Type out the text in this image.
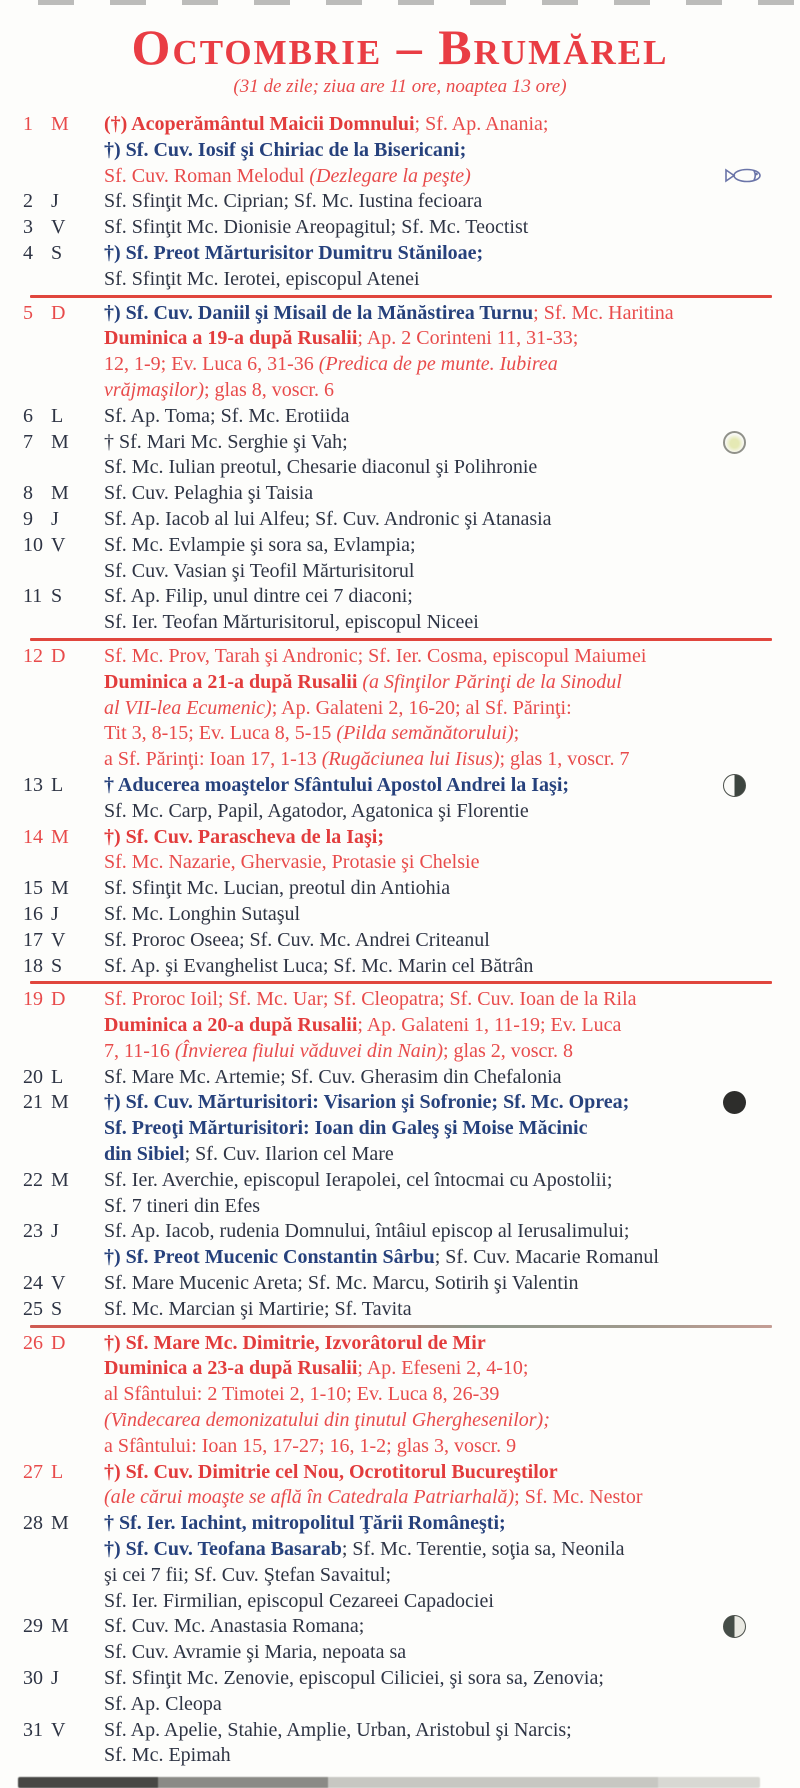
Octombrie – Brumărel
(31 de zile; ziua are 11 ore, noaptea 13 ore)
1 M	(†) Acoperământul Maicii Domnului; Sf. Ap. Anania;
†) Sf. Cuv. Iosif şi Chiriac de la Bisericani;
Sf. Cuv. Roman Melodul (Dezlegare la peşte)
2 J	Sf. Sfinţit Mc. Ciprian; Sf. Mc. Iustina fecioara
3 V	Sf. Sfinţit Mc. Dionisie Areopagitul; Sf. Mc. Teoctist
4 S	†) Sf. Preot Mărturisitor Dumitru Stăniloae;
Sf. Sfinţit Mc. Ierotei, episcopul Atenei
5 D	†) Sf. Cuv. Daniil şi Misail de la Mănăstirea Turnu; Sf. Mc. Haritina
Duminica a 19-a după Rusalii; Ap. 2 Corinteni 11, 31-33;
12, 1-9; Ev. Luca 6, 31-36 (Predica de pe munte. Iubirea
vrăjmaşilor); glas 8, voscr. 6
6 L	Sf. Ap. Toma; Sf. Mc. Erotiida
7 M	† Sf. Mari Mc. Serghie şi Vah;
Sf. Mc. Iulian preotul, Chesarie diaconul şi Polihronie
8 M	Sf. Cuv. Pelaghia şi Taisia
9 J	Sf. Ap. Iacob al lui Alfeu; Sf. Cuv. Andronic şi Atanasia
10 V	Sf. Mc. Evlampie şi sora sa, Evlampia;
Sf. Cuv. Vasian şi Teofil Mărturisitorul
11 S	Sf. Ap. Filip, unul dintre cei 7 diaconi;
Sf. Ier. Teofan Mărturisitorul, episcopul Niceei
12 D	Sf. Mc. Prov, Tarah şi Andronic; Sf. Ier. Cosma, episcopul Maiumei
Duminica a 21-a după Rusalii (a Sfinţilor Părinţi de la Sinodul
al VII-lea Ecumenic); Ap. Galateni 2, 16-20; al Sf. Părinţi:
Tit 3, 8-15; Ev. Luca 8, 5-15 (Pilda semănătorului);
a Sf. Părinţi: Ioan 17, 1-13 (Rugăciunea lui Iisus); glas 1, voscr. 7
13 L	† Aducerea moaştelor Sfântului Apostol Andrei la Iaşi;
Sf. Mc. Carp, Papil, Agatodor, Agatonica şi Florentie
14 M	†) Sf. Cuv. Parascheva de la Iaşi;
Sf. Mc. Nazarie, Ghervasie, Protasie şi Chelsie
15 M	Sf. Sfinţit Mc. Lucian, preotul din Antiohia
16 J	Sf. Mc. Longhin Sutaşul
17 V	Sf. Proroc Oseea; Sf. Cuv. Mc. Andrei Criteanul
18 S	Sf. Ap. şi Evanghelist Luca; Sf. Mc. Marin cel Bătrân
19 D	Sf. Proroc Ioil; Sf. Mc. Uar; Sf. Cleopatra; Sf. Cuv. Ioan de la Rila
Duminica a 20-a după Rusalii; Ap. Galateni 1, 11-19; Ev. Luca
7, 11-16 (Învierea fiului văduvei din Nain); glas 2, voscr. 8
20 L	Sf. Mare Mc. Artemie; Sf. Cuv. Gherasim din Chefalonia
21 M	†) Sf. Cuv. Mărturisitori: Visarion şi Sofronie; Sf. Mc. Oprea;
Sf. Preoţi Mărturisitori: Ioan din Galeş şi Moise Măcinic
din Sibiel; Sf. Cuv. Ilarion cel Mare
22 M	Sf. Ier. Averchie, episcopul Ierapolei, cel întocmai cu Apostolii;
Sf. 7 tineri din Efes
23 J	Sf. Ap. Iacob, rudenia Domnului, întâiul episcop al Ierusalimului;
†) Sf. Preot Mucenic Constantin Sârbu; Sf. Cuv. Macarie Romanul
24 V	Sf. Mare Mucenic Areta; Sf. Mc. Marcu, Sotirih şi Valentin
25 S	Sf. Mc. Marcian şi Martirie; Sf. Tavita
26 D	†) Sf. Mare Mc. Dimitrie, Izvorâtorul de Mir
Duminica a 23-a după Rusalii; Ap. Efeseni 2, 4-10;
al Sfântului: 2 Timotei 2, 1-10; Ev. Luca 8, 26-39
(Vindecarea demonizatului din ţinutul Gherghesenilor);
a Sfântului: Ioan 15, 17-27; 16, 1-2; glas 3, voscr. 9
27 L	†) Sf. Cuv. Dimitrie cel Nou, Ocrotitorul Bucureştilor
(ale cărui moaşte se află în Catedrala Patriarhală); Sf. Mc. Nestor
28 M	† Sf. Ier. Iachint, mitropolitul Ţării Româneşti;
†) Sf. Cuv. Teofana Basarab; Sf. Mc. Terentie, soţia sa, Neonila
şi cei 7 fii; Sf. Cuv. Ştefan Savaitul;
Sf. Ier. Firmilian, episcopul Cezareei Capadociei
29 M	Sf. Cuv. Mc. Anastasia Romana;
Sf. Cuv. Avramie şi Maria, nepoata sa
30 J	Sf. Sfinţit Mc. Zenovie, episcopul Ciliciei, şi sora sa, Zenovia;
Sf. Ap. Cleopa
31 V	Sf. Ap. Apelie, Stahie, Amplie, Urban, Aristobul şi Narcis;
Sf. Mc. Epimah
